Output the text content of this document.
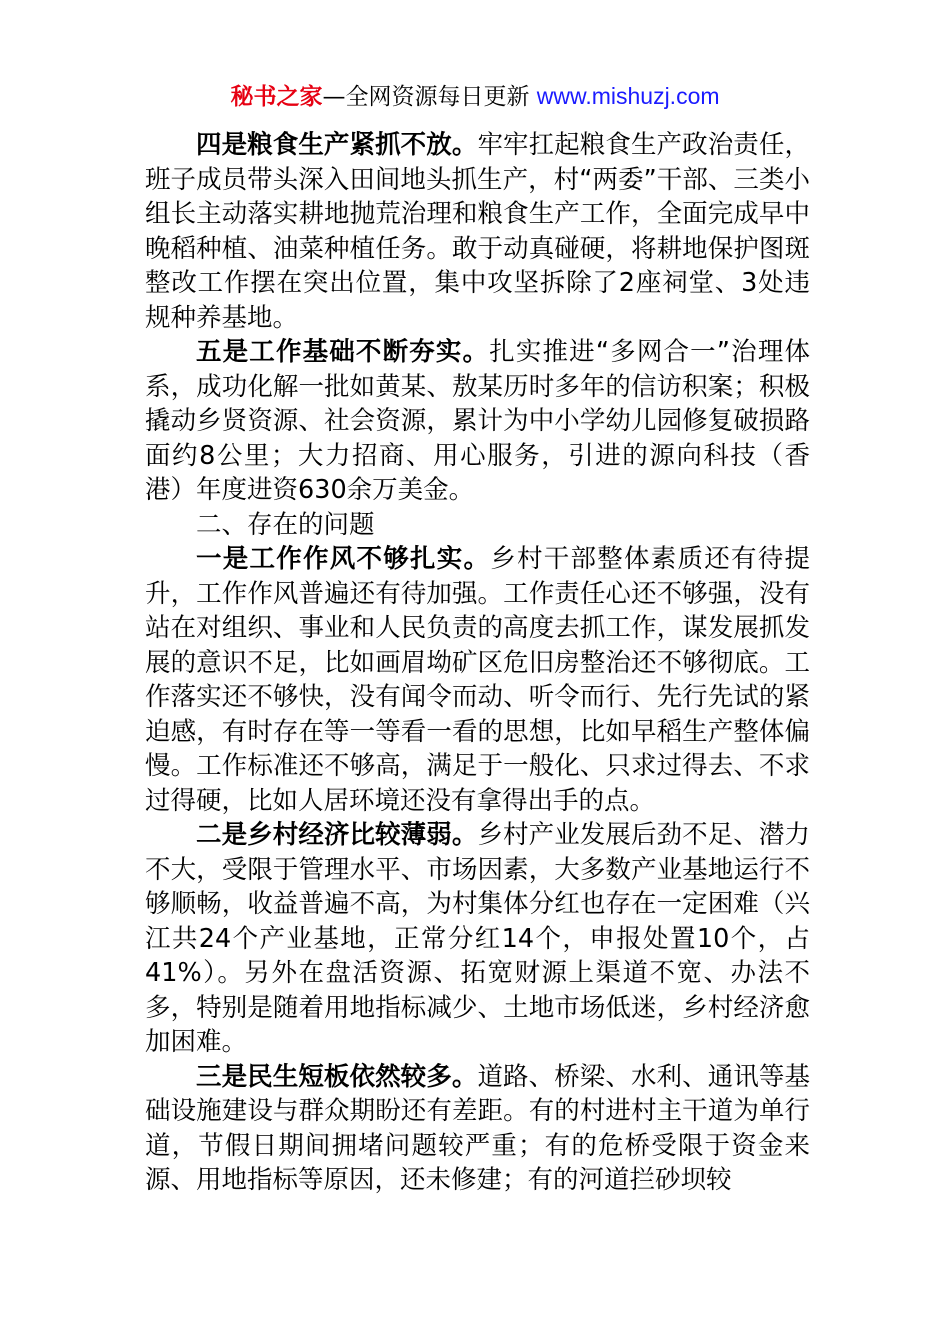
秘书之家—全网资源每日更新 www.mishuzj.com

四是粮食生产紧抓不放。牢牢扛起粮食生产政治责任，班子成员带头深入田间地头抓生产，村“两委”干部、三类小组长主动落实耕地抛荒治理和粮食生产工作，全面完成早中晚稻种植、油菜种植任务。敢于动真碰硬，将耕地保护图斑整改工作摆在突出位置，集中攻坚拆除了2座祠堂、3处违规种养基地。

五是工作基础不断夯实。扎实推进“多网合一”治理体系，成功化解一批如黄某、敖某历时多年的信访积案；积极撬动乡贤资源、社会资源，累计为中小学幼儿园修复破损路面约8公里；大力招商、用心服务，引进的源向科技（香港）年度进资630余万美金。

二、存在的问题

一是工作作风不够扎实。乡村干部整体素质还有待提升，工作作风普遍还有待加强。工作责任心还不够强，没有站在对组织、事业和人民负责的高度去抓工作，谋发展抓发展的意识不足，比如画眉坳矿区危旧房整治还不够彻底。工作落实还不够快，没有闻令而动、听令而行、先行先试的紧迫感，有时存在等一等看一看的思想，比如早稻生产整体偏慢。工作标准还不够高，满足于一般化、只求过得去、不求过得硬，比如人居环境还没有拿得出手的点。

二是乡村经济比较薄弱。乡村产业发展后劲不足、潜力不大，受限于管理水平、市场因素，大多数产业基地运行不够顺畅，收益普遍不高，为村集体分红也存在一定困难（兴江共24个产业基地，正常分红14个，申报处置10个，占41%）。另外在盘活资源、拓宽财源上渠道不宽、办法不多，特别是随着用地指标减少、土地市场低迷，乡村经济愈加困难。

三是民生短板依然较多。道路、桥梁、水利、通讯等基础设施建设与群众期盼还有差距。有的村进村主干道为单行道，节假日期间拥堵问题较严重；有的危桥受限于资金来源、用地指标等原因，还未修建；有的河道拦砂坝较
